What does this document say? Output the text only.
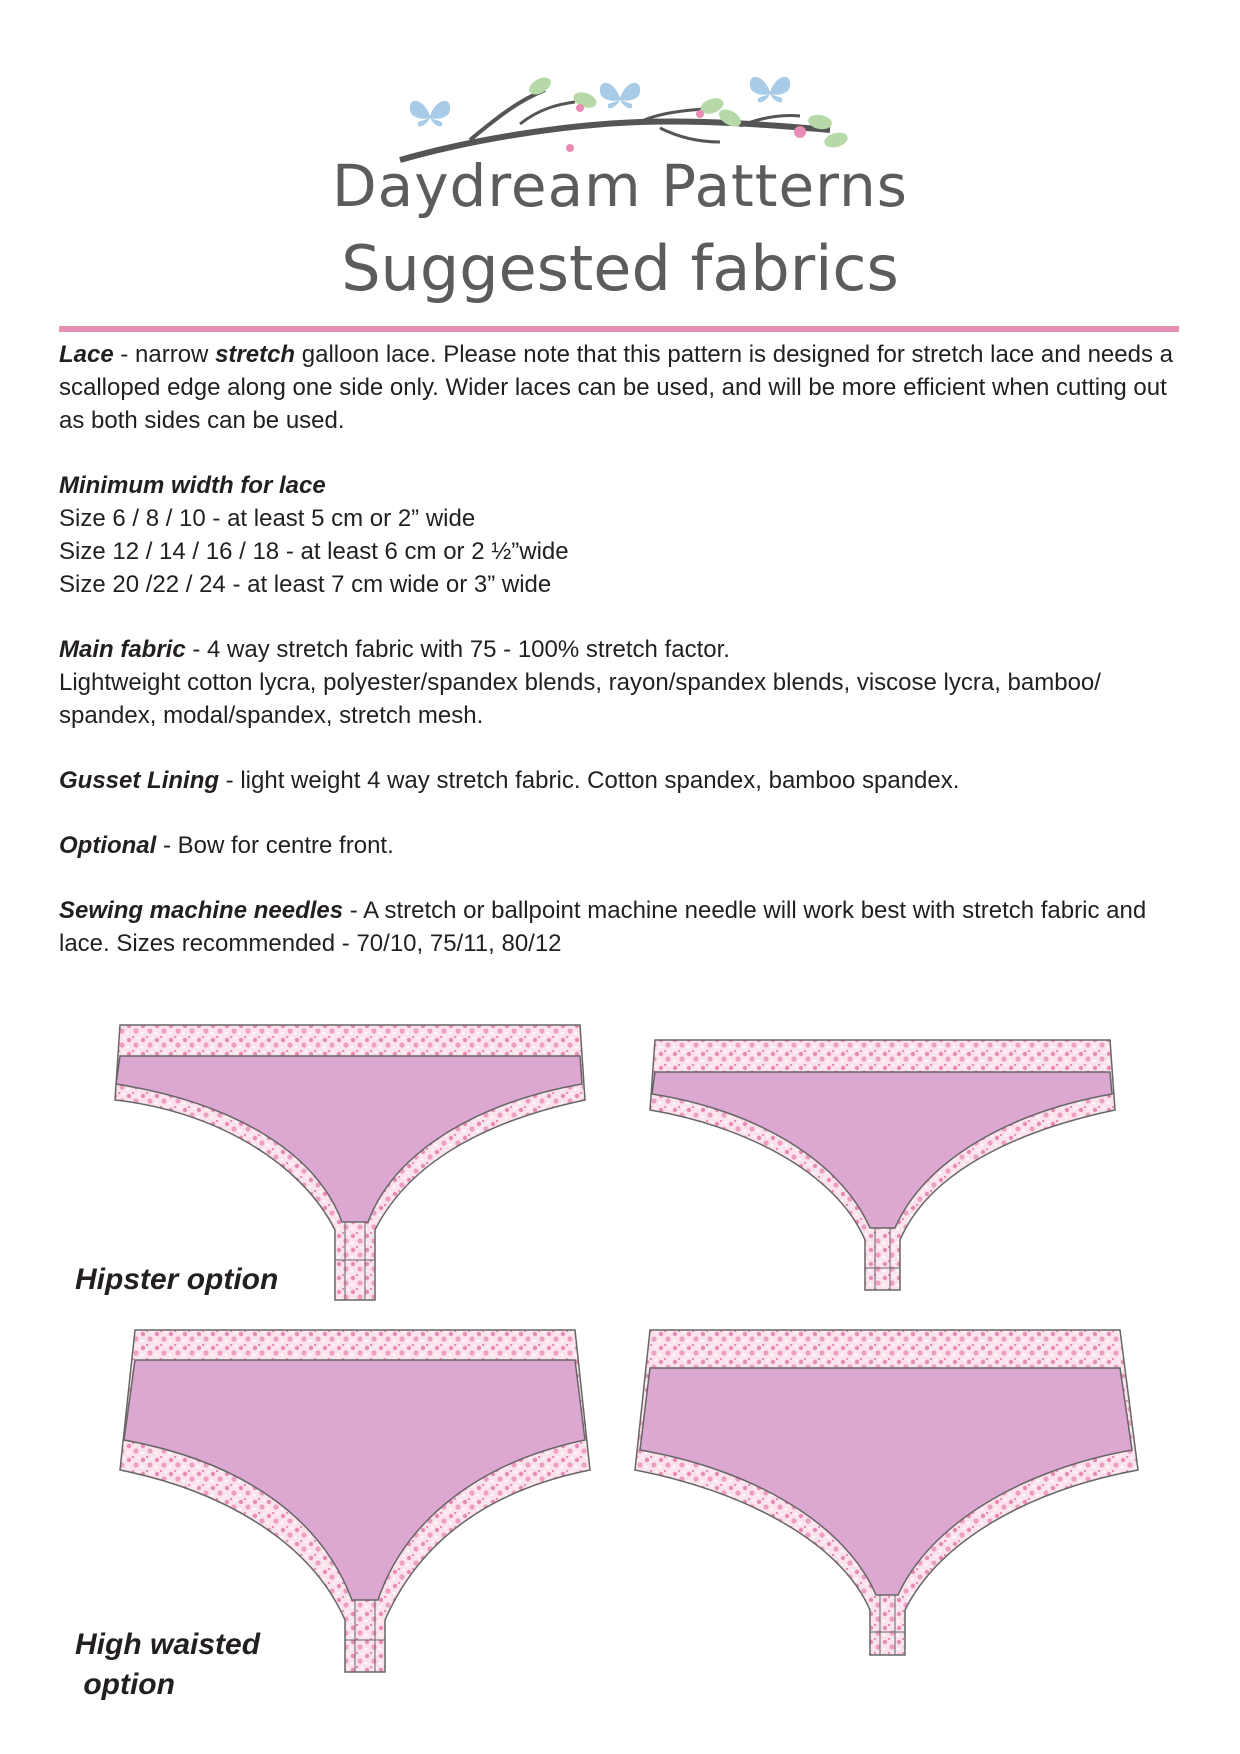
Daydream Patterns
Suggested fabrics

Lace - narrow stretch galloon lace. Please note that this pattern is designed for stretch lace and needs a scalloped edge along one side only. Wider laces can be used, and will be more efficient when cutting out as both sides can be used.

Minimum width for lace
Size 6 / 8 / 10 - at least 5 cm or 2” wide
Size 12 / 14 / 16 / 18 - at least 6 cm or 2 ½”wide
Size 20 /22 / 24 - at least 7 cm wide or 3” wide

Main fabric - 4 way stretch fabric with 75 - 100% stretch factor.
Lightweight cotton lycra, polyester/spandex blends, rayon/spandex blends, viscose lycra, bamboo/ spandex, modal/spandex, stretch mesh.

Gusset Lining - light weight 4 way stretch fabric. Cotton spandex, bamboo spandex.

Optional - Bow for centre front.

Sewing machine needles - A stretch or ballpoint machine needle will work best with stretch fabric and lace. Sizes recommended - 70/10, 75/11, 80/12

Hipster option
High waisted
option
